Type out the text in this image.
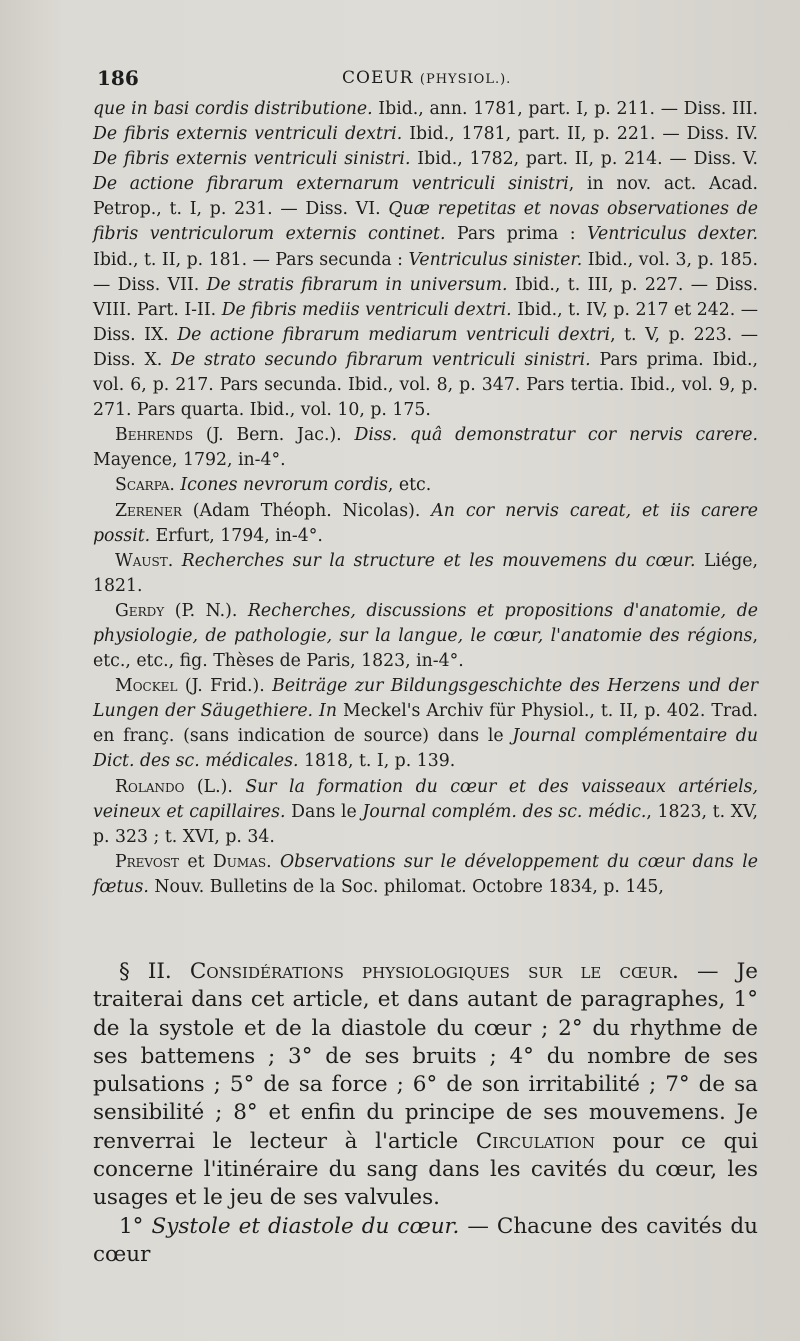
186	COEUR (PHYSIOL.).

que in basi cordis distributione. Ibid., ann. 1781, part. I, p. 211. — Diss. III. De fibris externis ventriculi dextri. Ibid., 1781, part. II, p. 221. — Diss. IV. De fibris externis ventriculi sinistri. Ibid., 1782, part. II, p. 214. — Diss. V. De actione fibrarum externarum ventriculi sinistri, in nov. act. Acad. Petrop., t. I, p. 231. — Diss. VI. Quæ repetitas et novas observationes de fibris ventriculorum externis continet. Pars prima : Ventriculus dexter. Ibid., t. II, p. 181. — Pars secunda : Ventriculus sinister. Ibid., vol. 3, p. 185. — Diss. VII. De stratis fibrarum in universum. Ibid., t. III, p. 227. — Diss. VIII. Part. I-II. De fibris mediis ventriculi dextri. Ibid., t. IV, p. 217 et 242. — Diss. IX. De actione fibrarum mediarum ventriculi dextri, t. V, p. 223. — Diss. X. De strato secundo fibrarum ventriculi sinistri. Pars prima. Ibid., vol. 6, p. 217. Pars secunda. Ibid., vol. 8, p. 347. Pars tertia. Ibid., vol. 9, p. 271. Pars quarta. Ibid., vol. 10, p. 175.

Behrends (J. Bern. Jac.). Diss. quâ demonstratur cor nervis carere. Mayence, 1792, in-4°.

Scarpa. Icones nevrorum cordis, etc.

Zerener (Adam Théoph. Nicolas). An cor nervis careat, et iis carere possit. Erfurt, 1794, in-4°.

Waust. Recherches sur la structure et les mouvemens du cœur. Liége, 1821.

Gerdy (P. N.). Recherches, discussions et propositions d'anatomie, de physiologie, de pathologie, sur la langue, le cœur, l'anatomie des régions, etc., etc., fig. Thèses de Paris, 1823, in-4°.

Mockel (J. Frid.). Beiträge zur Bildungsgeschichte des Herzens und der Lungen der Säugethiere. In Meckel's Archiv für Physiol., t. II, p. 402. Trad. en franç. (sans indication de source) dans le Journal complémentaire du Dict. des sc. médicales. 1818, t. I, p. 139.

Rolando (L.). Sur la formation du cœur et des vaisseaux artériels, veineux et capillaires. Dans le Journal complém. des sc. médic., 1823, t. XV, p. 323 ; t. XVI, p. 34.

Prevost et Dumas. Observations sur le développement du cœur dans le fœtus. Nouv. Bulletins de la Soc. philomat. Octobre 1834, p. 145,

§ II. Considérations physiologiques sur le cœur. — Je traiterai dans cet article, et dans autant de paragraphes, 1° de la systole et de la diastole du cœur ; 2° du rhythme de ses battemens ; 3° de ses bruits ; 4° du nombre de ses pulsations ; 5° de sa force ; 6° de son irritabilité ; 7° de sa sensibilité ; 8° et enfin du principe de ses mouvemens. Je renverrai le lecteur à l'article Circulation pour ce qui concerne l'itinéraire du sang dans les cavités du cœur, les usages et le jeu de ses valvules.

1° Systole et diastole du cœur. — Chacune des cavités du cœur
